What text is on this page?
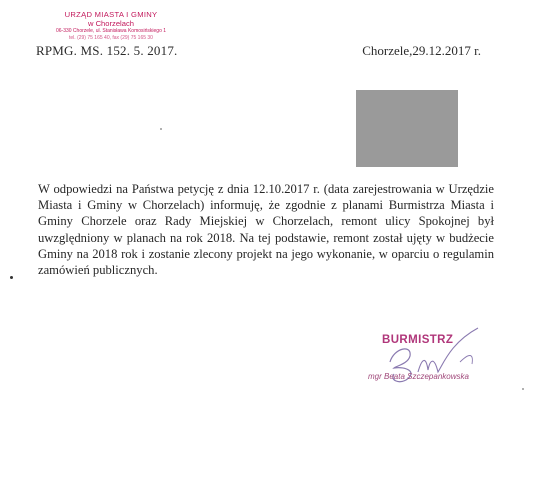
URZĄD MIASTA I GMINY
w Chorzelach
06-330 Chorzele, ul. Stanisława Komosińskiego 1
tel. (29) 75 165 40, fax (29) 75 165 30
RPMG. MS. 152. 5. 2017.	Chorzele,29.12.2017 r.
W odpowiedzi na Państwa petycję z dnia 12.10.2017 r. (data zarejestrowania w Urzędzie Miasta i Gminy w Chorzelach) informuję, że zgodnie z planami Burmistrza Miasta i Gminy Chorzele oraz Rady Miejskiej w Chorzelach, remont ulicy Spokojnej był uwzględniony w planach na rok 2018. Na tej podstawie, remont został ujęty w budżecie Gminy na 2018 rok i zostanie zlecony projekt na jego wykonanie, w oparciu o regulamin zamówień publicznych.
BURMISTRZ
mgr Beata Szczepankowska
